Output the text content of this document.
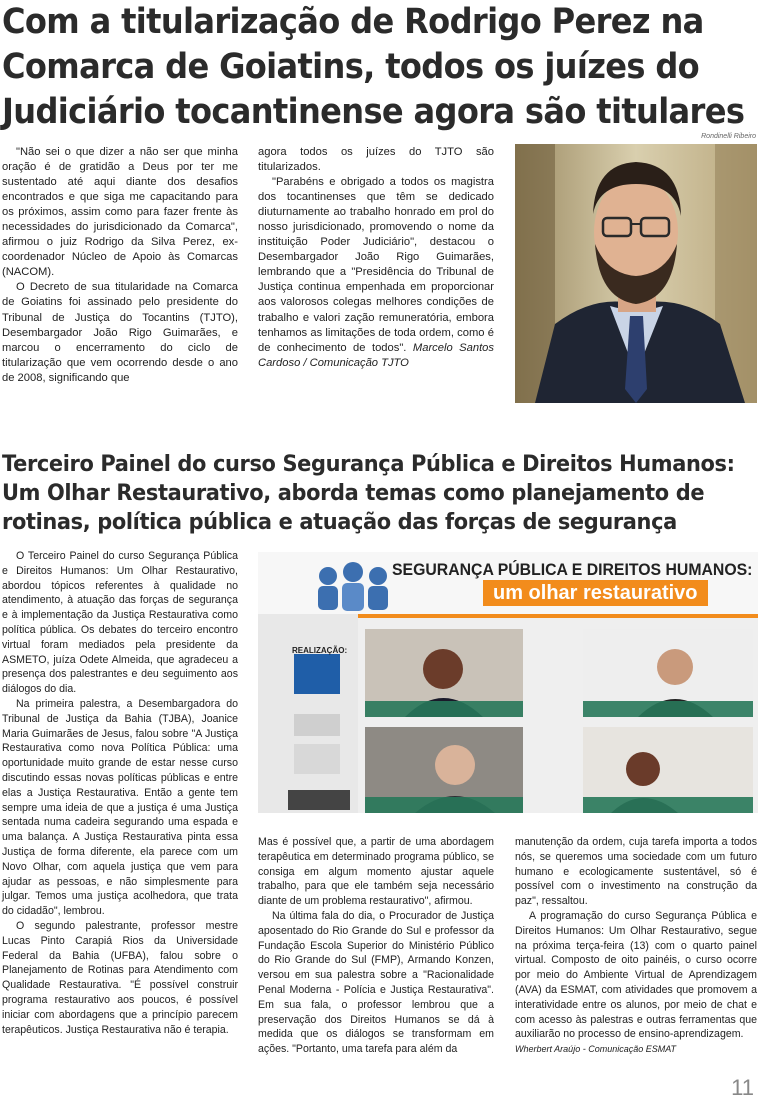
Com a titularização de Rodrigo Perez na
Comarca de Goiatins, todos os juízes do
Judiciário tocantinense agora são titulares
Rondinelli Ribeiro

"Não sei o que dizer a não ser que minha oração é de gratidão a Deus por ter me sustentado até aqui diante dos desafios encontrados e que siga me capacitando para os próximos, assim como para fazer frente às necessidades do jurisdicionado da Comarca", afirmou o juiz Rodrigo da Silva Perez, ex-coordenador Núcleo de Apoio às Comarcas (NACOM).

O Decreto de sua titularidade na Comarca de Goiatins foi assinado pelo presidente do Tribunal de Justiça do Tocantins (TJTO), Desembargador João Rigo Guimarães, e marcou o encerramento do ciclo de titularização que vem ocorrendo desde o ano de 2008, significando que

agora todos os juízes do TJTO são titularizados.

"Parabéns e obrigado a todos os magistra dos tocantinenses que têm se dedicado diuturnamente ao trabalho honrado em prol do nosso jurisdicionado, promovendo o nome da instituição Poder Judiciário", destacou o Desembargador João Rigo Guimarães, lembrando que a "Presidência do Tribunal de Justiça continua empenhada em proporcionar aos valorosos colegas melhores condições de trabalho e valori zação remuneratória, embora tenhamos as limitações de toda ordem, como é de conhecimento de todos". Marcelo Santos Cardoso / Comunicação TJTO

Terceiro Painel do curso Segurança Pública e Direitos Humanos:
Um Olhar Restaurativo, aborda temas como planejamento de
rotinas, política pública e atuação das forças de segurança

O Terceiro Painel do curso Segurança Pública e Direitos Humanos: Um Olhar Restaurativo, abordou tópicos referentes à qualidade no atendimento, à atuação das forças de segurança e à implementação da Justiça Restaurativa como política pública. Os debates do terceiro encontro virtual foram mediados pela presidente da ASMETO, juíza Odete Almeida, que agradeceu a presença dos palestrantes e deu seguimento aos diálogos do dia.

Na primeira palestra, a Desembargadora do Tribunal de Justiça da Bahia (TJBA), Joanice Maria Guimarães de Jesus, falou sobre "A Justiça Restaurativa como nova Política Pública: uma oportunidade muito grande de estar nesse curso discutindo essas novas políticas públicas e entre elas a Justiça Restaurativa. Então a gente tem sempre uma ideia de que a justiça é uma Justiça sentada numa cadeira segurando uma espada e uma balança. A Justiça Restaurativa pinta essa Justiça de forma diferente, ela parece com um Novo Olhar, com aquela justiça que vem para ajudar as pessoas, e não simplesmente para julgar. Temos uma justiça acolhedora, que trata do cidadão", lembrou.

O segundo palestrante, professor mestre Lucas Pinto Carapiá Rios da Universidade Federal da Bahia (UFBA), falou sobre o Planejamento de Rotinas para Atendimento com Qualidade Restaurativa. "É possível construir programa restaurativo aos poucos, é possível iniciar com abordagens que a princípio parecem terapêuticos. Justiça Restaurativa não é terapia.

SEGURANÇA PÚBLICA E DIREITOS HUMANOS:
um olhar restaurativo
REALIZAÇÃO:

Mas é possível que, a partir de uma abordagem terapêutica em determinado programa público, se consiga em algum momento ajustar aquele trabalho, para que ele também seja necessário diante de um problema restaurativo", afirmou.

Na última fala do dia, o Procurador de Justiça aposentado do Rio Grande do Sul e professor da Fundação Escola Superior do Ministério Público do Rio Grande do Sul (FMP), Armando Konzen, versou em sua palestra sobre a "Racionalidade Penal Moderna - Polícia e Justiça Restaurativa". Em sua fala, o professor lembrou que a preservação dos Direitos Humanos se dá à medida que os diálogos se transformam em ações. "Portanto, uma tarefa para além da

manutenção da ordem, cuja tarefa importa a todos nós, se queremos uma sociedade com um futuro humano e ecologicamente sustentável, só é possível com o investimento na construção da paz", ressaltou.

A programação do curso Segurança Pública e Direitos Humanos: Um Olhar Restaurativo, segue na próxima terça-feira (13) com o quarto painel virtual. Composto de oito painéis, o curso ocorre por meio do Ambiente Virtual de Aprendizagem (AVA) da ESMAT, com atividades que promovem a interatividade entre os alunos, por meio de chat e com acesso às palestras e outras ferramentas que auxiliarão no processo de ensino-aprendizagem.

Wherbert Araújo - Comunicação ESMAT
11
